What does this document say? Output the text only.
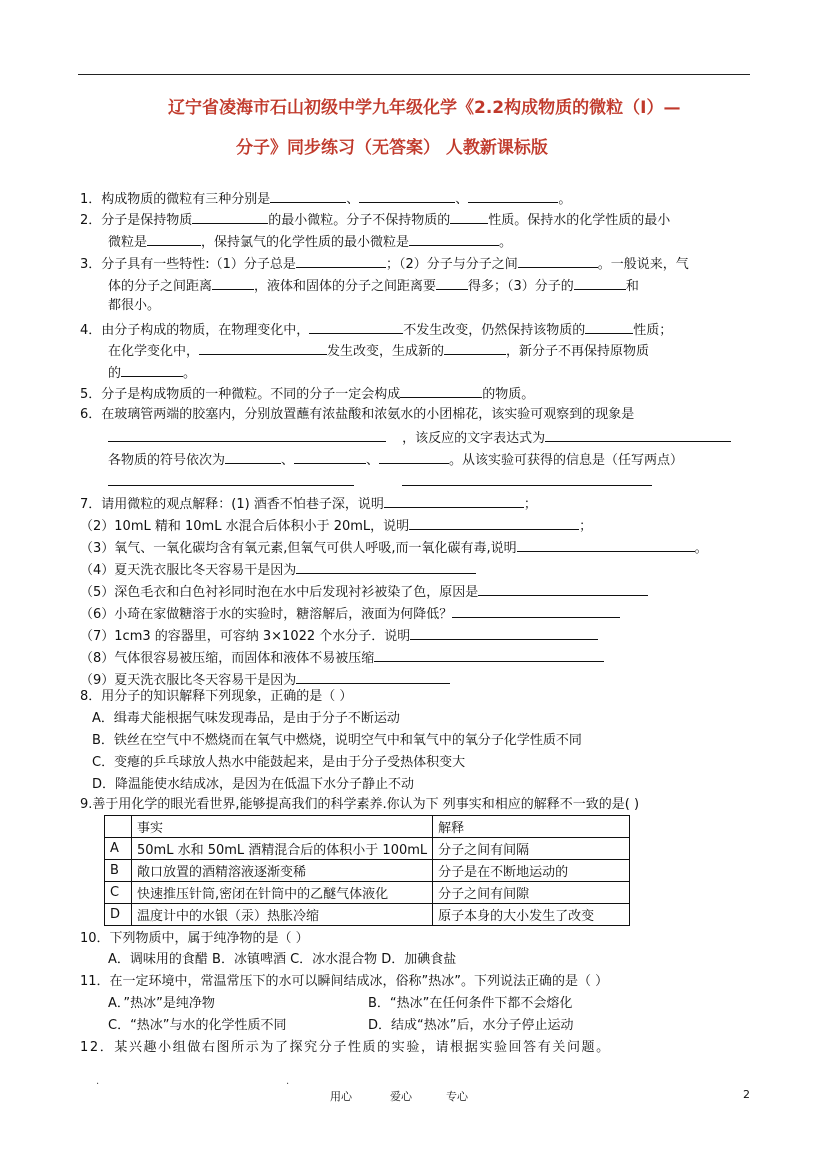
辽宁省凌海市石山初级中学九年级化学《2.2构成物质的微粒（Ⅰ）—
分子》同步练习（无答案） 人教新课标版
1．构成物质的微粒有三种分别是	、	、	。
2．分子是保持物质	的最小微粒。分子不保持物质的	性质。保持水的化学性质的最小
微粒是	，保持氯气的化学性质的最小微粒是	。
3．分子具有一些特性:（1）分子总是	；（2）分子与分子之间	。一般说来，气
体的分子之间距离	，液体和固体的分子之间距离要 得多；（3）分子的	和
都很小。
4．由分子构成的物质，在物理变化中，	不发生改变，仍然保持该物质的	性质；
在化学变化中，	发生改变，生成新的	，新分子不再保持原物质
的	。
5．分子是构成物质的一种微粒。不同的分子一定会构成	的物质。
6．在玻璃管两端的胶塞内，分别放置蘸有浓盐酸和浓氨水的小团棉花，该实验可观察到的现象是
，该反应的文字表达式为
各物质的符号依次为	、	、	。从该实验可获得的信息是（任写两点）
7．请用微粒的观点解释：(1) 酒香不怕巷子深，说明	；
（2）10mL 精和 10mL 水混合后体积小于 20mL，说明	；
（3）氧气、一氧化碳均含有氧元素,但氧气可供人呼吸,而一氧化碳有毒,说明	。
（4）夏天洗衣服比冬天容易干是因为
（5）深色毛衣和白色衬衫同时泡在水中后发现衬衫被染了色，原因是
（6）小琦在家做糖溶于水的实验时，糖溶解后，液面为何降低？
（7）1cm3 的容器里，可容纳 3×1022 个水分子．说明
（8）气体很容易被压缩，而固体和液体不易被压缩
（9）夏天洗衣服比冬天容易干是因为
8．用分子的知识解释下列现象，正确的是（ ）
A．缉毒犬能根据气味发现毒品，是由于分子不断运动
B．铁丝在空气中不燃烧而在氧气中燃烧，说明空气中和氧气中的氧分子化学性质不同
C．变瘪的乒乓球放人热水中能鼓起来，是由于分子受热体积变大
D．降温能使水结成冰，是因为在低温下水分子静止不动
9.善于用化学的眼光看世界,能够提高我们的科学素养.你认为下 列事实和相应的解释不一致的是( )
	事实	解释
A	50mL 水和 50mL 酒精混合后的体积小于 100mL	分子之间有间隔
B	敞口放置的酒精溶液逐渐变稀	分子是在不断地运动的
C	快速推压针筒,密闭在针筒中的乙醚气体液化	分子之间有间隙
D	温度计中的水银（汞）热胀冷缩	原子本身的大小发生了改变
10．下列物质中，属于纯净物的是（ ）
A．调味用的食醋 B．冰镇啤酒 C．冰水混合物 D．加碘食盐
11．在一定环境中，常温常压下的水可以瞬间结成冰，俗称”热冰”。下列说法正确的是（ ）
A．”热冰”是纯净物	B．“热冰”在任何条件下都不会熔化
C．“热冰”与水的化学性质不同	D．结成“热冰”后，水分子停止运动
12．某兴趣小组做右图所示为了探究分子性质的实验，请根据实验回答有关问题。
.	.
用心	爱心	专心	2
